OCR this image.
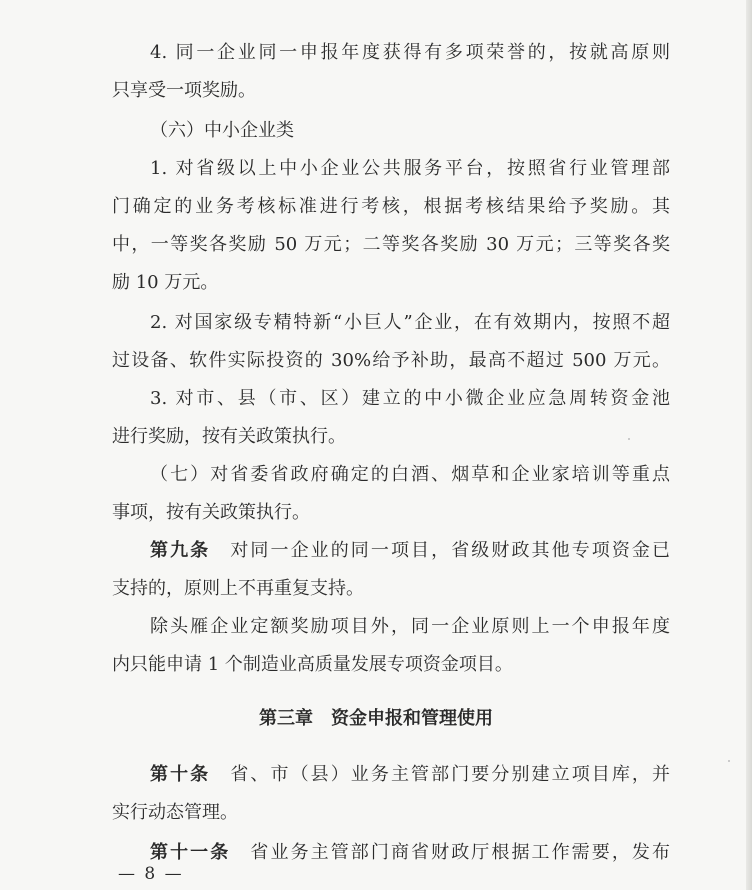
4. 同一企业同一申报年度获得有多项荣誉的，按就高原则
只享受一项奖励。
（六）中小企业类
1. 对省级以上中小企业公共服务平台，按照省行业管理部
门确定的业务考核标准进行考核，根据考核结果给予奖励。其
中，一等奖各奖励 50 万元；二等奖各奖励 30 万元；三等奖各奖
励 10 万元。
2. 对国家级专精特新“小巨人”企业，在有效期内，按照不超
过设备、软件实际投资的 30%给予补助，最高不超过 500 万元。
3. 对市、县（市、区）建立的中小微企业应急周转资金池
进行奖励，按有关政策执行。
（七）对省委省政府确定的白酒、烟草和企业家培训等重点
事项，按有关政策执行。
第九条 对同一企业的同一项目，省级财政其他专项资金已
支持的，原则上不再重复支持。
除头雁企业定额奖励项目外，同一企业原则上一个申报年度
内只能申请 1 个制造业高质量发展专项资金项目。
第三章　资金申报和管理使用
第十条 省、市（县）业务主管部门要分别建立项目库，并
实行动态管理。
第十一条 省业务主管部门商省财政厅根据工作需要，发布
— 8 —
